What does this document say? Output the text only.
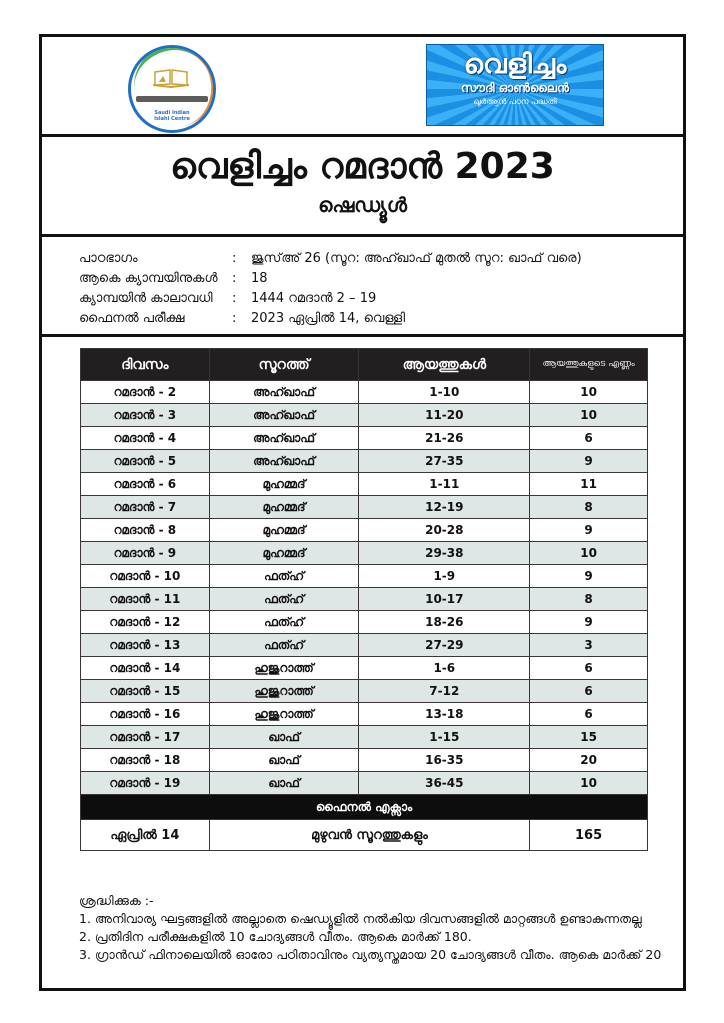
Saudi Indian Islahi Centre
വെളിച്ചം
സൗദി ഓൺലൈൻ
ഖുർആൻ പഠന പദ്ധതി
വെളിച്ചം റമദാൻ 2023
ഷെഡ്യൂൾ
പാഠഭാഗം	: ജുസ്അ് 26 (സൂറ: അഹ്ഖാഫ് മുതൽ സൂറ: ഖാഫ് വരെ)
ആകെ ക്യാമ്പയിനുകൾ	: 18
ക്യാമ്പയിൻ കാലാവധി	: 1444 റമദാൻ 2 – 19
ഫൈനൽ പരീക്ഷ	: 2023 ഏപ്രിൽ 14, വെള്ളി
ദിവസം	സൂറത്ത്	ആയത്തുകൾ	ആയത്തുകളുടെ എണ്ണം
റമദാൻ - 2	അഹ്ഖാഫ്	1-10	10
റമദാൻ - 3	അഹ്ഖാഫ്	11-20	10
റമദാൻ - 4	അഹ്ഖാഫ്	21-26	6
റമദാൻ - 5	അഹ്ഖാഫ്	27-35	9
റമദാൻ - 6	മുഹമ്മദ്	1-11	11
റമദാൻ - 7	മുഹമ്മദ്	12-19	8
റമദാൻ - 8	മുഹമ്മദ്	20-28	9
റമദാൻ - 9	മുഹമ്മദ്	29-38	10
റമദാൻ - 10	ഫത്ഹ്	1-9	9
റമദാൻ - 11	ഫത്ഹ്	10-17	8
റമദാൻ - 12	ഫത്ഹ്	18-26	9
റമദാൻ - 13	ഫത്ഹ്	27-29	3
റമദാൻ - 14	ഹുജുറാത്ത്	1-6	6
റമദാൻ - 15	ഹുജുറാത്ത്	7-12	6
റമദാൻ - 16	ഹുജുറാത്ത്	13-18	6
റമദാൻ - 17	ഖാഫ്	1-15	15
റമദാൻ - 18	ഖാഫ്	16-35	20
റമദാൻ - 19	ഖാഫ്	36-45	10
ഫൈനൽ എക്സാം			
ഏപ്രിൽ 14	മുഴുവൻ സൂറത്തുകളും		165
ശ്രദ്ധിക്കുക :-
1. അനിവാര്യ ഘട്ടങ്ങളിൽ അല്ലാതെ ഷെഡ്യൂളിൽ നൽകിയ ദിവസങ്ങളിൽ മാറ്റങ്ങൾ ഉണ്ടാകുന്നതല്ല
2. പ്രതിദിന പരീക്ഷകളിൽ 10 ചോദ്യങ്ങൾ വീതം. ആകെ മാർക്ക് 180.
3. ഗ്രാൻഡ് ഫിനാലെയിൽ ഓരോ പഠിതാവിനും വ്യത്യസ്തമായ 20 ചോദ്യങ്ങൾ വീതം. ആകെ മാർക്ക് 20
